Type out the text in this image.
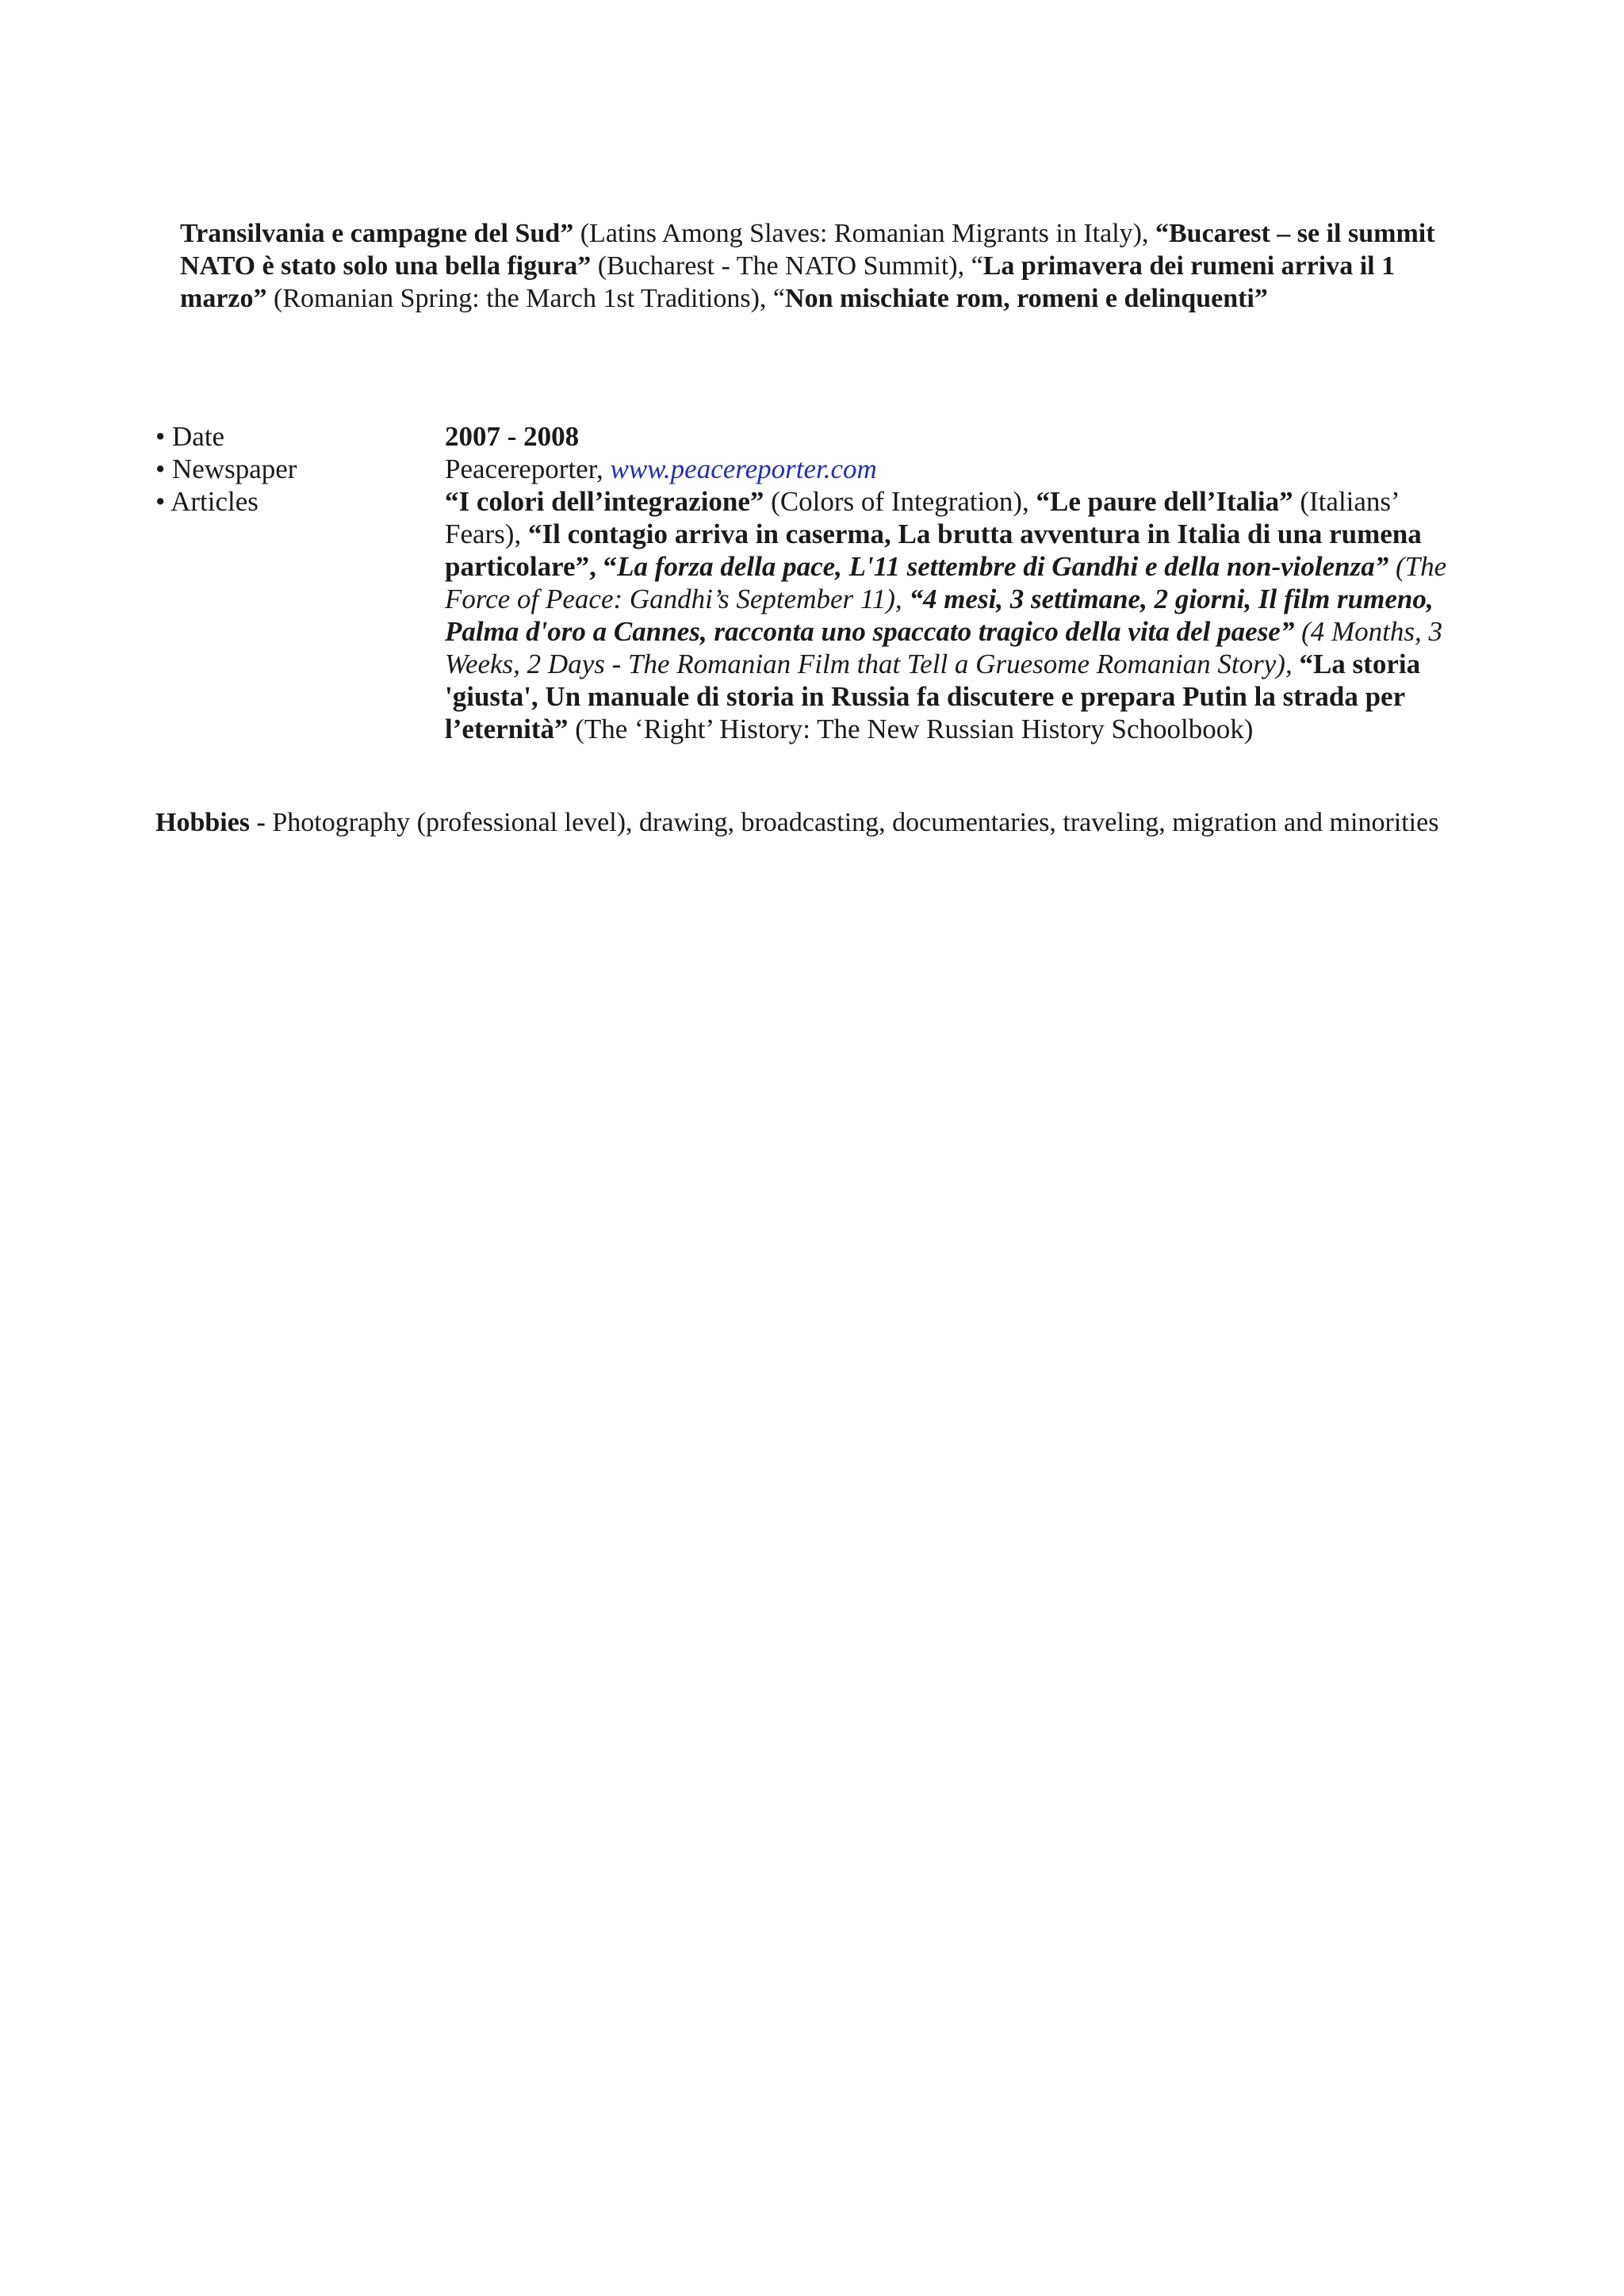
Transilvania e campagne del Sud” (Latins Among Slaves: Romanian Migrants in Italy), “Bucarest – se il summit NATO è stato solo una bella figura” (Bucharest - The NATO Summit), “La primavera dei rumeni arriva il 1 marzo” (Romanian Spring: the March 1st Traditions), “Non mischiate rom, romeni e delinquenti”

• Date	2007 - 2008
• Newspaper	Peacereporter, www.peacereporter.com
• Articles	“I colori dell’integrazione” (Colors of Integration), “Le paure dell’Italia” (Italians’ Fears), “Il contagio arriva in caserma, La brutta avventura in Italia di una rumena particolare”, “La forza della pace, L'11 settembre di Gandhi e della non-violenza” (The Force of Peace: Gandhi’s September 11), “4 mesi, 3 settimane, 2 giorni, Il film rumeno, Palma d'oro a Cannes, racconta uno spaccato tragico della vita del paese” (4 Months, 3 Weeks, 2 Days - The Romanian Film that Tell a Gruesome Romanian Story), “La storia 'giusta', Un manuale di storia in Russia fa discutere e prepara Putin la strada per l’eternità” (The ‘Right’ History: The New Russian History Schoolbook)

Hobbies - Photography (professional level), drawing, broadcasting, documentaries, traveling, migration and minorities
